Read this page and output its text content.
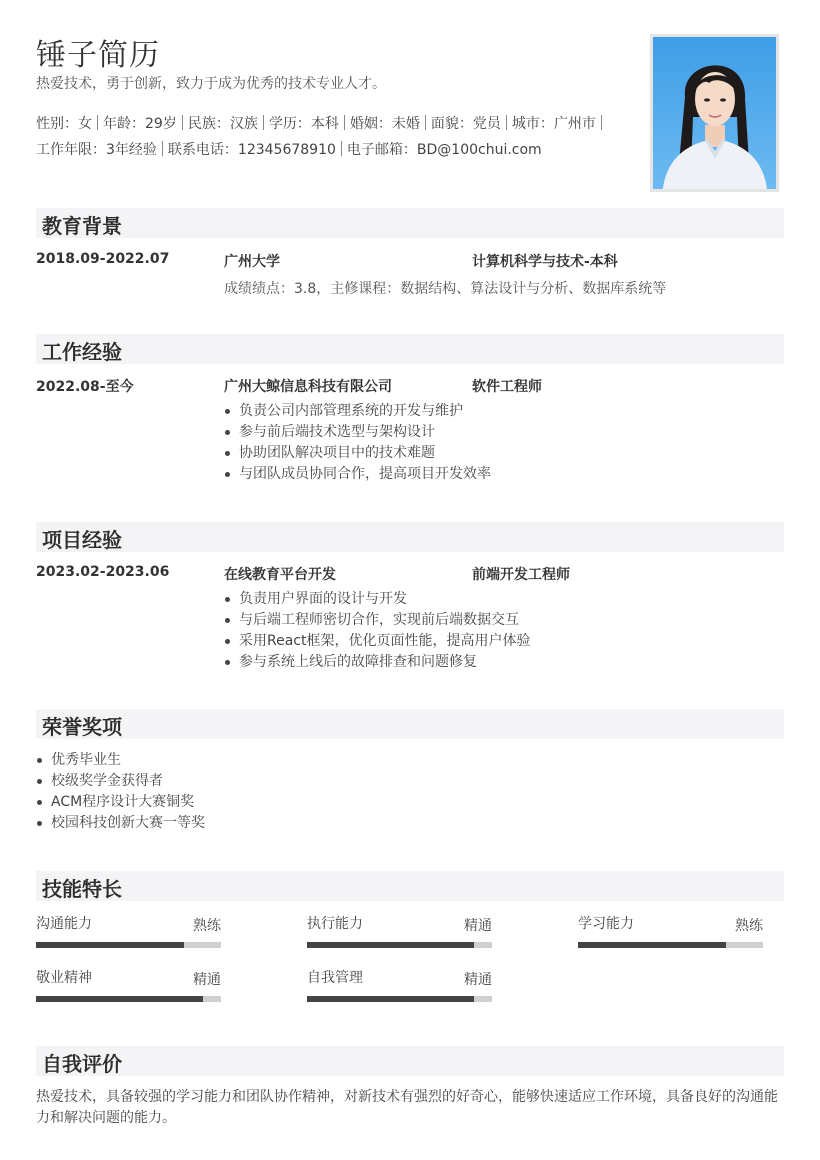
锤子简历
热爱技术，勇于创新，致力于成为优秀的技术专业人才。
性别：女 年龄：29岁 民族：汉族 学历：本科 婚姻：未婚 面貌：党员 城市：广州市
工作年限：3年经验 联系电话：12345678910 电子邮箱：BD@100chui.com
教育背景
2018.09-2022.07	广州大学	计算机科学与技术-本科
成绩绩点：3.8，主修课程：数据结构、算法设计与分析、数据库系统等
工作经验
2022.08-至今	广州大鲸信息科技有限公司	软件工程师
负责公司内部管理系统的开发与维护
参与前后端技术选型与架构设计
协助团队解决项目中的技术难题
与团队成员协同合作，提高项目开发效率
项目经验
2023.02-2023.06	在线教育平台开发	前端开发工程师
负责用户界面的设计与开发
与后端工程师密切合作，实现前后端数据交互
采用React框架，优化页面性能，提高用户体验
参与系统上线后的故障排查和问题修复
荣誉奖项
优秀毕业生
校级奖学金获得者
ACM程序设计大赛铜奖
校园科技创新大赛一等奖
技能特长
沟通能力	熟练	执行能力	精通	学习能力	熟练
敬业精神	精通	自我管理	精通
自我评价
热爱技术，具备较强的学习能力和团队协作精神，对新技术有强烈的好奇心，能够快速适应工作环境，具备良好的沟通能力和解决问题的能力。
